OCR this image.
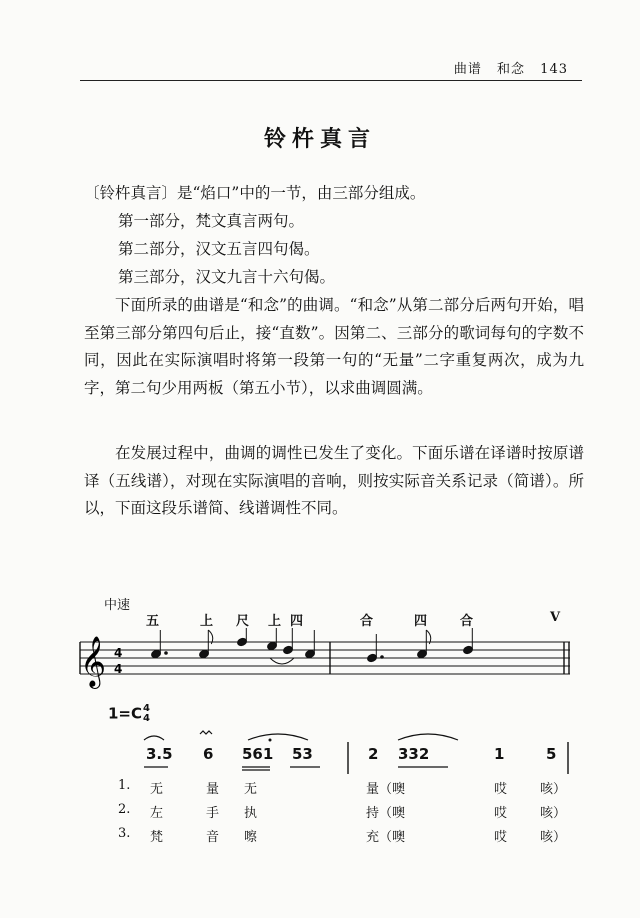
曲谱 和念 143
铃杵真言
〔铃杵真言〕是“焰口”中的一节，由三部分组成。
第一部分，梵文真言两句。
第二部分，汉文五言四句偈。
第三部分，汉文九言十六句偈。
下面所录的曲谱是“和念”的曲调。“和念”从第二部分后两句开始，唱至第三部分第四句后止，接“直数”。因第二、三部分的歌词每句的字数不同，因此在实际演唱时将第一段第一句的“无量”二字重复两次，成为九字，第二句少用两板（第五小节），以求曲调圆满。
在发展过程中，曲调的调性已发生了变化。下面乐谱在译谱时按原谱译（五线谱），对现在实际演唱的音响，则按实际音关系记录（简谱）。所以，下面这段乐谱简、线谱调性不同。
中速
五	上 尺 上 四	合	四	合	V
𝄞 4
4
1=C4
4
3.5 6 561 53	2 332	1	5
1. 无	量 无	量（噢	哎	咳）
2. 左	手 执	持（噢	哎	咳）
3. 梵	音 嚓	充（噢	哎	咳）
